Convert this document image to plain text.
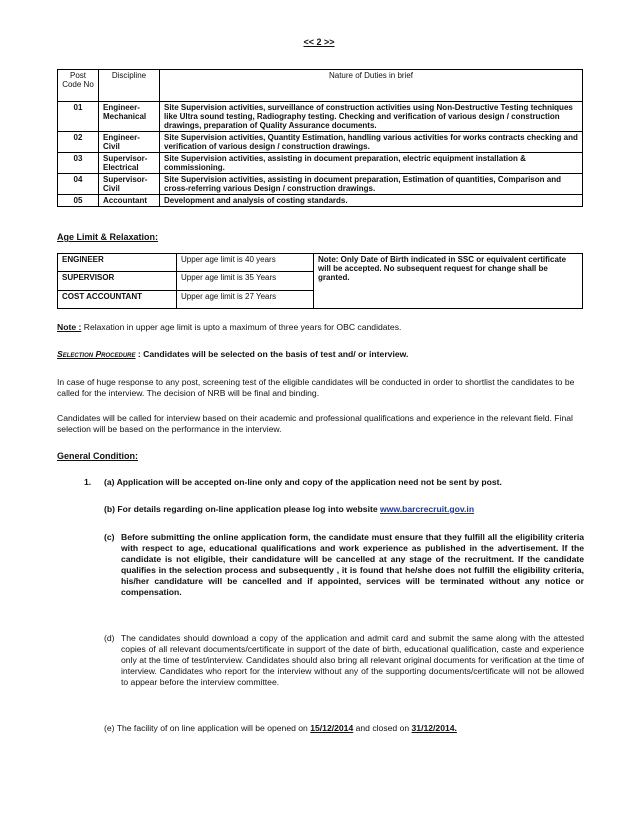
<< 2 >>
Post Code No	Discipline	Nature of Duties in brief
01	Engineer-Mechanical	Site Supervision activities, surveillance of construction activities using Non-Destructive Testing techniques like Ultra sound testing, Radiography testing. Checking and verification of various design / construction drawings, preparation of Quality Assurance documents.
02	Engineer-Civil	Site Supervision activities, Quantity Estimation, handling various activities for works contracts checking and verification of various design / construction drawings.
03	Supervisor-Electrical	Site Supervision activities, assisting in document preparation, electric equipment installation & commissioning.
04	Supervisor-Civil	Site Supervision activities, assisting in document preparation, Estimation of quantities, Comparison and cross-referring various Design / construction drawings.
05	Accountant	Development and analysis of costing standards.
Age Limit & Relaxation:
ENGINEER	Upper age limit is 40 years	Note: Only Date of Birth indicated in SSC or equivalent certificate will be accepted. No subsequent request for change shall be granted.
SUPERVISOR	Upper age limit is 35 Years	
COST ACCOUNTANT	Upper age limit is 27 Years	
Note : Relaxation in upper age limit is upto a maximum of three years for OBC candidates.
Selection Procedure : Candidates will be selected on the basis of test and/ or interview.
In case of huge response to any post, screening test of the eligible candidates will be conducted in order to shortlist the candidates to be called for the interview. The decision of NRB will be final and binding.
Candidates will be called for interview based on their academic and professional qualifications and experience in the relevant field. Final selection will be based on the performance in the interview.
General Condition:
1. (a) Application will be accepted on-line only and copy of the application need not be sent by post.
(b) For details regarding on-line application please log into website www.barcrecruit.gov.in
(c) Before submitting the online application form, the candidate must ensure that they fulfill all the eligibility criteria with respect to age, educational qualifications and work experience as published in the advertisement. If the candidate is not eligible, their candidature will be cancelled at any stage of the recruitment. If the candidate qualifies in the selection process and subsequently , it is found that he/she does not fulfill the eligibility criteria, his/her candidature will be cancelled and if appointed, services will be terminated without any notice or compensation.
(d) The candidates should download a copy of the application and admit card and submit the same along with the attested copies of all relevant documents/certificate in support of the date of birth, educational qualification, caste and experience only at the time of test/interview. Candidates should also bring all relevant original documents for verification at the time of interview. Candidates who report for the interview without any of the supporting documents/certificate will not be allowed to appear before the interview committee.
(e) The facility of on line application will be opened on 15/12/2014 and closed on 31/12/2014.
